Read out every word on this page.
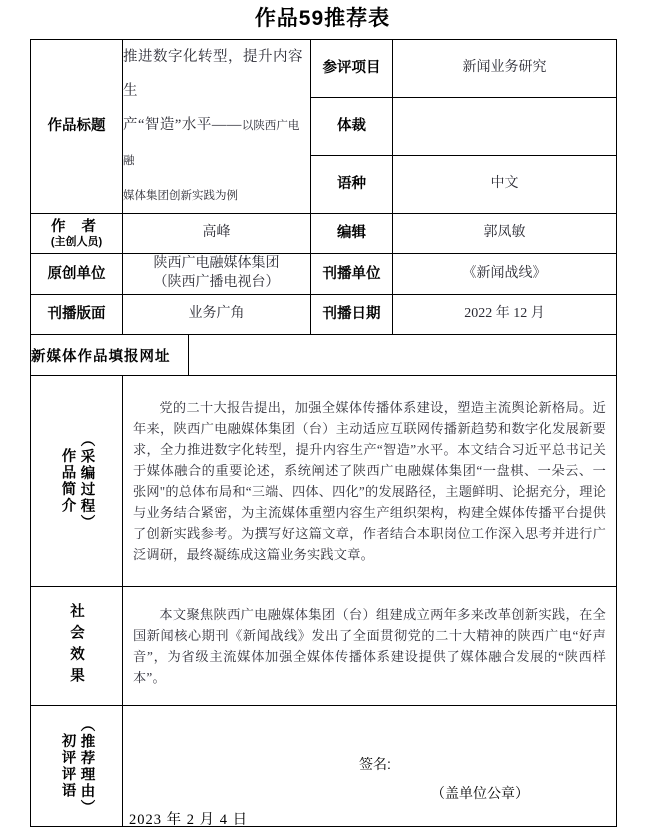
作品59推荐表
作品标题	推进数字化转型，提升内容生
产“智造”水平——以陕西广电融
媒体集团创新实践为例		参评项目	新闻业务研究
			体裁	
			语种	中文

作 者
(主创人员)	高峰		编辑	郭凤敏
原创单位	陕西广电融媒体集团
（陕西广播电视台）		刊播单位	《新闻战线》
刊播版面	业务广角		刊播日期	2022 年 12 月
新媒体作品填报网址				

（采编过程）
作品简介	党的二十大报告提出，加强全媒体传播体系建设，塑造主流舆论新格局。近年来，陕西广电融媒体集团（台）主动适应互联网传播新趋势和数字化发展新要求，全力推进数字化转型，提升内容生产“智造”水平。本文结合习近平总书记关于媒体融合的重要论述，系统阐述了陕西广电融媒体集团“一盘棋、一朵云、一张网"的总体布局和“三端、四体、四化”的发展路径，主题鲜明、论据充分，理论与业务结合紧密，为主流媒体重塑内容生产组织架构，构建全媒体传播平台提供了创新实践参考。为撰写好这篇文章，作者结合本职岗位工作深入思考并进行广泛调研，最终凝练成这篇业务实践文章。			

社会效果	本文聚焦陕西广电融媒体集团（台）组建成立两年多来改革创新实践，在全国新闻核心期刊《新闻战线》发出了全面贯彻党的二十大精神的陕西广电“好声音”，为省级主流媒体加强全媒体传播体系建设提供了媒体融合发展的“陕西样本”。			

（推荐理由）
初评评语	签名:
（盖单位公章）
2023 年 2 月 4 日
